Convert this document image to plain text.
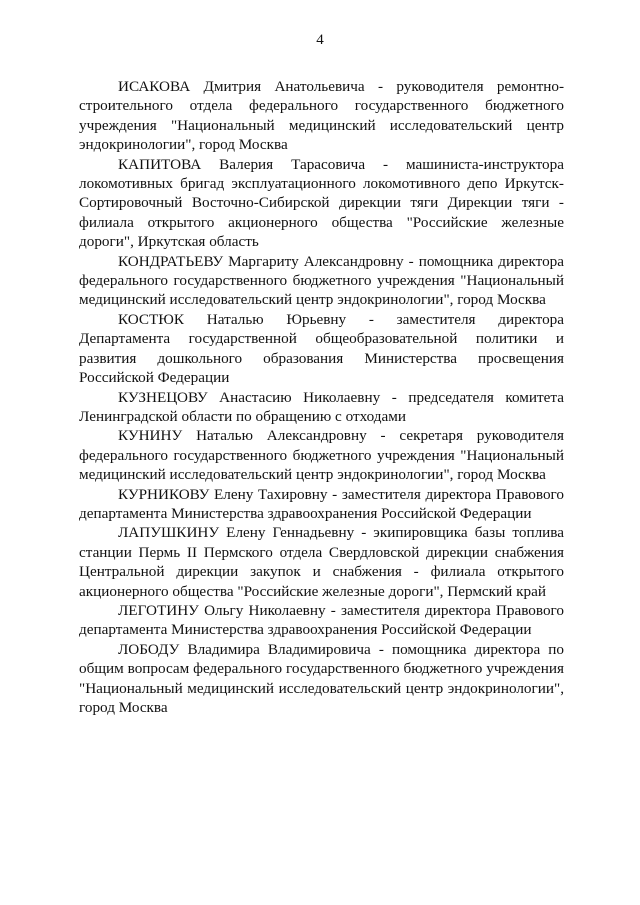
4

ИСАКОВА Дмитрия Анатольевича - руководителя ремонтно-строительного отдела федерального государственного бюджетного учреждения "Национальный медицинский исследовательский центр эндокринологии", город Москва

КАПИТОВА Валерия Тарасовича - машиниста-инструктора локомотивных бригад эксплуатационного локомотивного депо Иркутск-Сортировочный Восточно-Сибирской дирекции тяги Дирекции тяги - филиала открытого акционерного общества "Российские железные дороги", Иркутская область

КОНДРАТЬЕВУ Маргариту Александровну - помощника директора федерального государственного бюджетного учреждения "Национальный медицинский исследовательский центр эндокринологии", город Москва

КОСТЮК Наталью Юрьевну - заместителя директора Департамента государственной общеобразовательной политики и развития дошкольного образования Министерства просвещения Российской Федерации

КУЗНЕЦОВУ Анастасию Николаевну - председателя комитета Ленинградской области по обращению с отходами

КУНИНУ Наталью Александровну - секретаря руководителя федерального государственного бюджетного учреждения "Национальный медицинский исследовательский центр эндокринологии", город Москва

КУРНИКОВУ Елену Тахировну - заместителя директора Правового департамента Министерства здравоохранения Российской Федерации

ЛАПУШКИНУ Елену Геннадьевну - экипировщика базы топлива станции Пермь II Пермского отдела Свердловской дирекции снабжения Центральной дирекции закупок и снабжения - филиала открытого акционерного общества "Российские железные дороги", Пермский край

ЛЕГОТИНУ Ольгу Николаевну - заместителя директора Правового департамента Министерства здравоохранения Российской Федерации

ЛОБОДУ Владимира Владимировича - помощника директора по общим вопросам федерального государственного бюджетного учреждения "Национальный медицинский исследовательский центр эндокринологии", город Москва
